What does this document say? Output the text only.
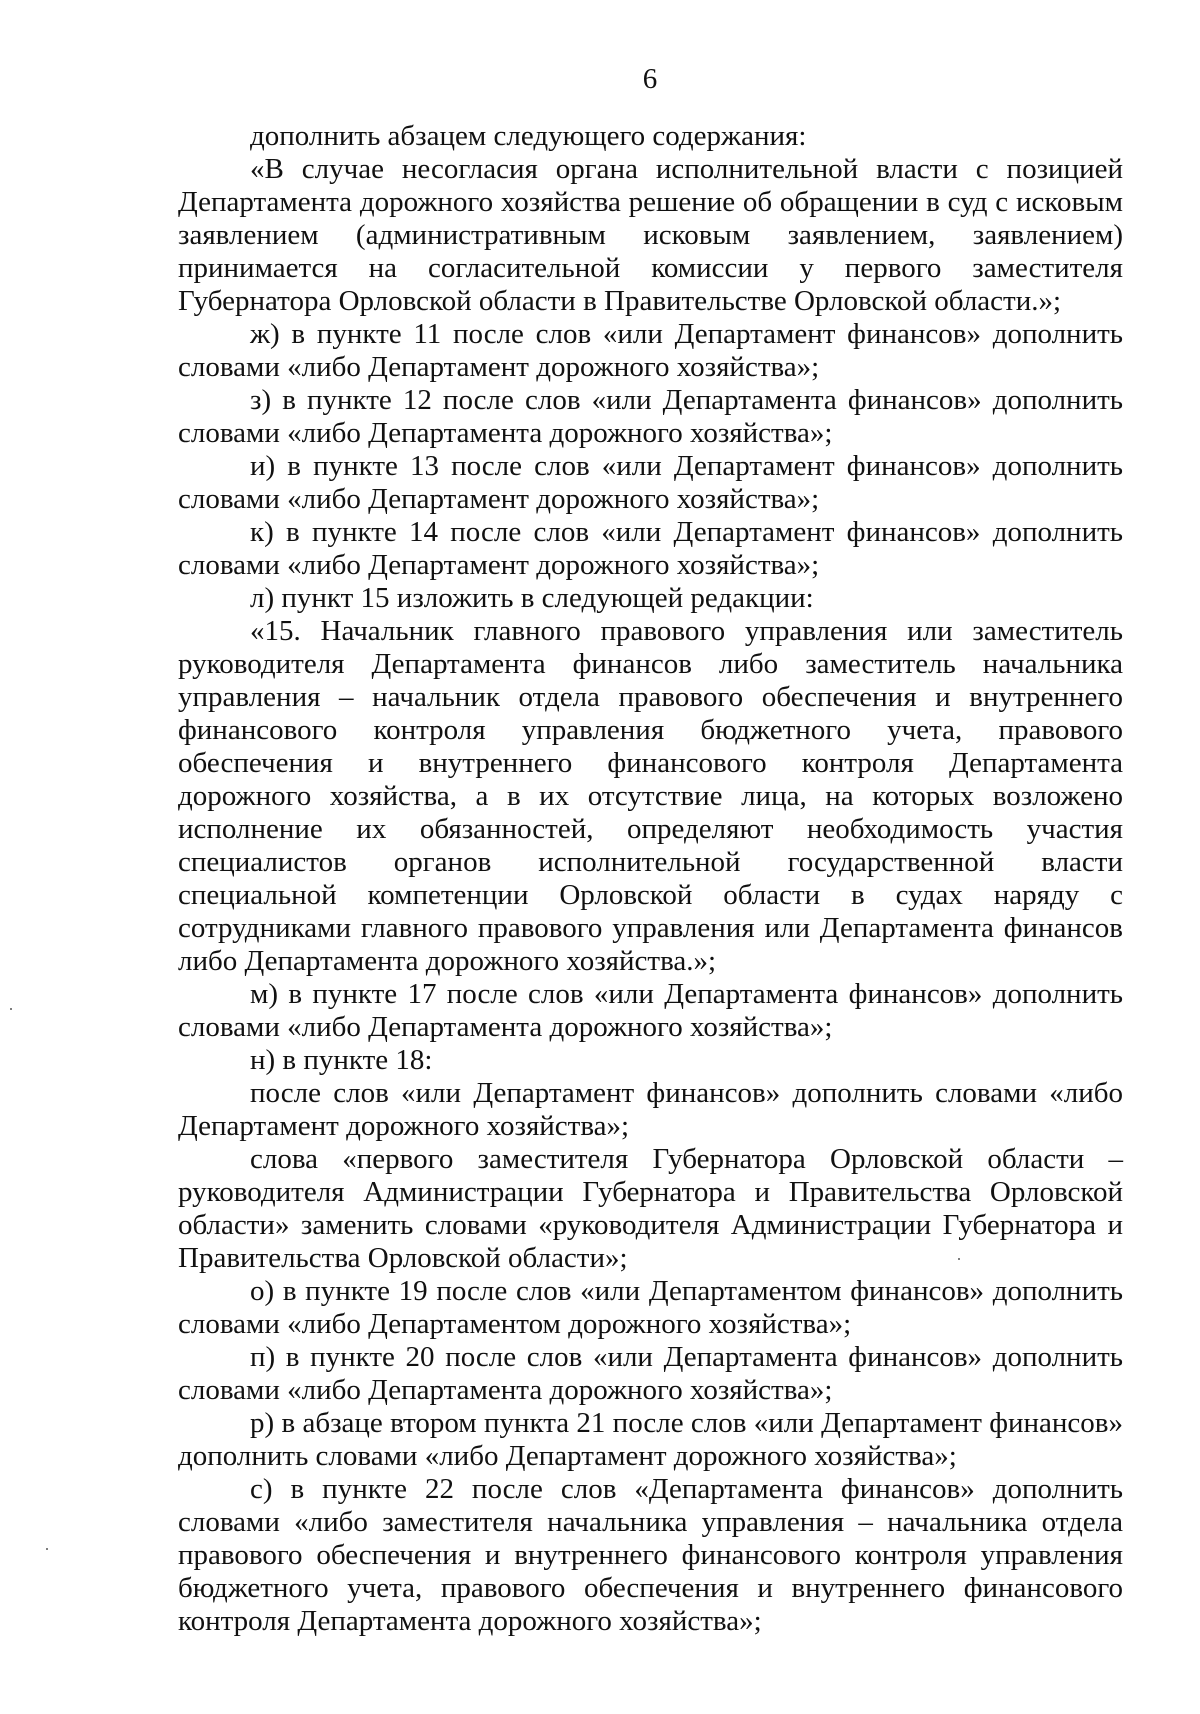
6

дополнить абзацем следующего содержания:

«В случае несогласия органа исполнительной власти с позицией Департамента дорожного хозяйства решение об обращении в суд с исковым заявлением (административным исковым заявлением, заявлением) принимается на согласительной комиссии у первого заместителя Губернатора Орловской области в Правительстве Орловской области.»;

ж) в пункте 11 после слов «или Департамент финансов» дополнить словами «либо Департамент дорожного хозяйства»;

з) в пункте 12 после слов «или Департамента финансов» дополнить словами «либо Департамента дорожного хозяйства»;

и) в пункте 13 после слов «или Департамент финансов» дополнить словами «либо Департамент дорожного хозяйства»;

к) в пункте 14 после слов «или Департамент финансов» дополнить словами «либо Департамент дорожного хозяйства»;

л) пункт 15 изложить в следующей редакции:

«15. Начальник главного правового управления или заместитель руководителя Департамента финансов либо заместитель начальника управления – начальник отдела правового обеспечения и внутреннего финансового контроля управления бюджетного учета, правового обеспечения и внутреннего финансового контроля Департамента дорожного хозяйства, а в их отсутствие лица, на которых возложено исполнение их обязанностей, определяют необходимость участия специалистов органов исполнительной государственной власти специальной компетенции Орловской области в судах наряду с сотрудниками главного правового управления или Департамента финансов либо Департамента дорожного хозяйства.»;

м) в пункте 17 после слов «или Департамента финансов» дополнить словами «либо Департамента дорожного хозяйства»;

н) в пункте 18:

после слов «или Департамент финансов» дополнить словами «либо Департамент дорожного хозяйства»;

слова «первого заместителя Губернатора Орловской области – руководителя Администрации Губернатора и Правительства Орловской области» заменить словами «руководителя Администрации Губернатора и Правительства Орловской области»;

о) в пункте 19 после слов «или Департаментом финансов» дополнить словами «либо Департаментом дорожного хозяйства»;

п) в пункте 20 после слов «или Департамента финансов» дополнить словами «либо Департамента дорожного хозяйства»;

р) в абзаце втором пункта 21 после слов «или Департамент финансов» дополнить словами «либо Департамент дорожного хозяйства»;

с) в пункте 22 после слов «Департамента финансов» дополнить словами «либо заместителя начальника управления – начальника отдела правового обеспечения и внутреннего финансового контроля управления бюджетного учета, правового обеспечения и внутреннего финансового контроля Департамента дорожного хозяйства»;
